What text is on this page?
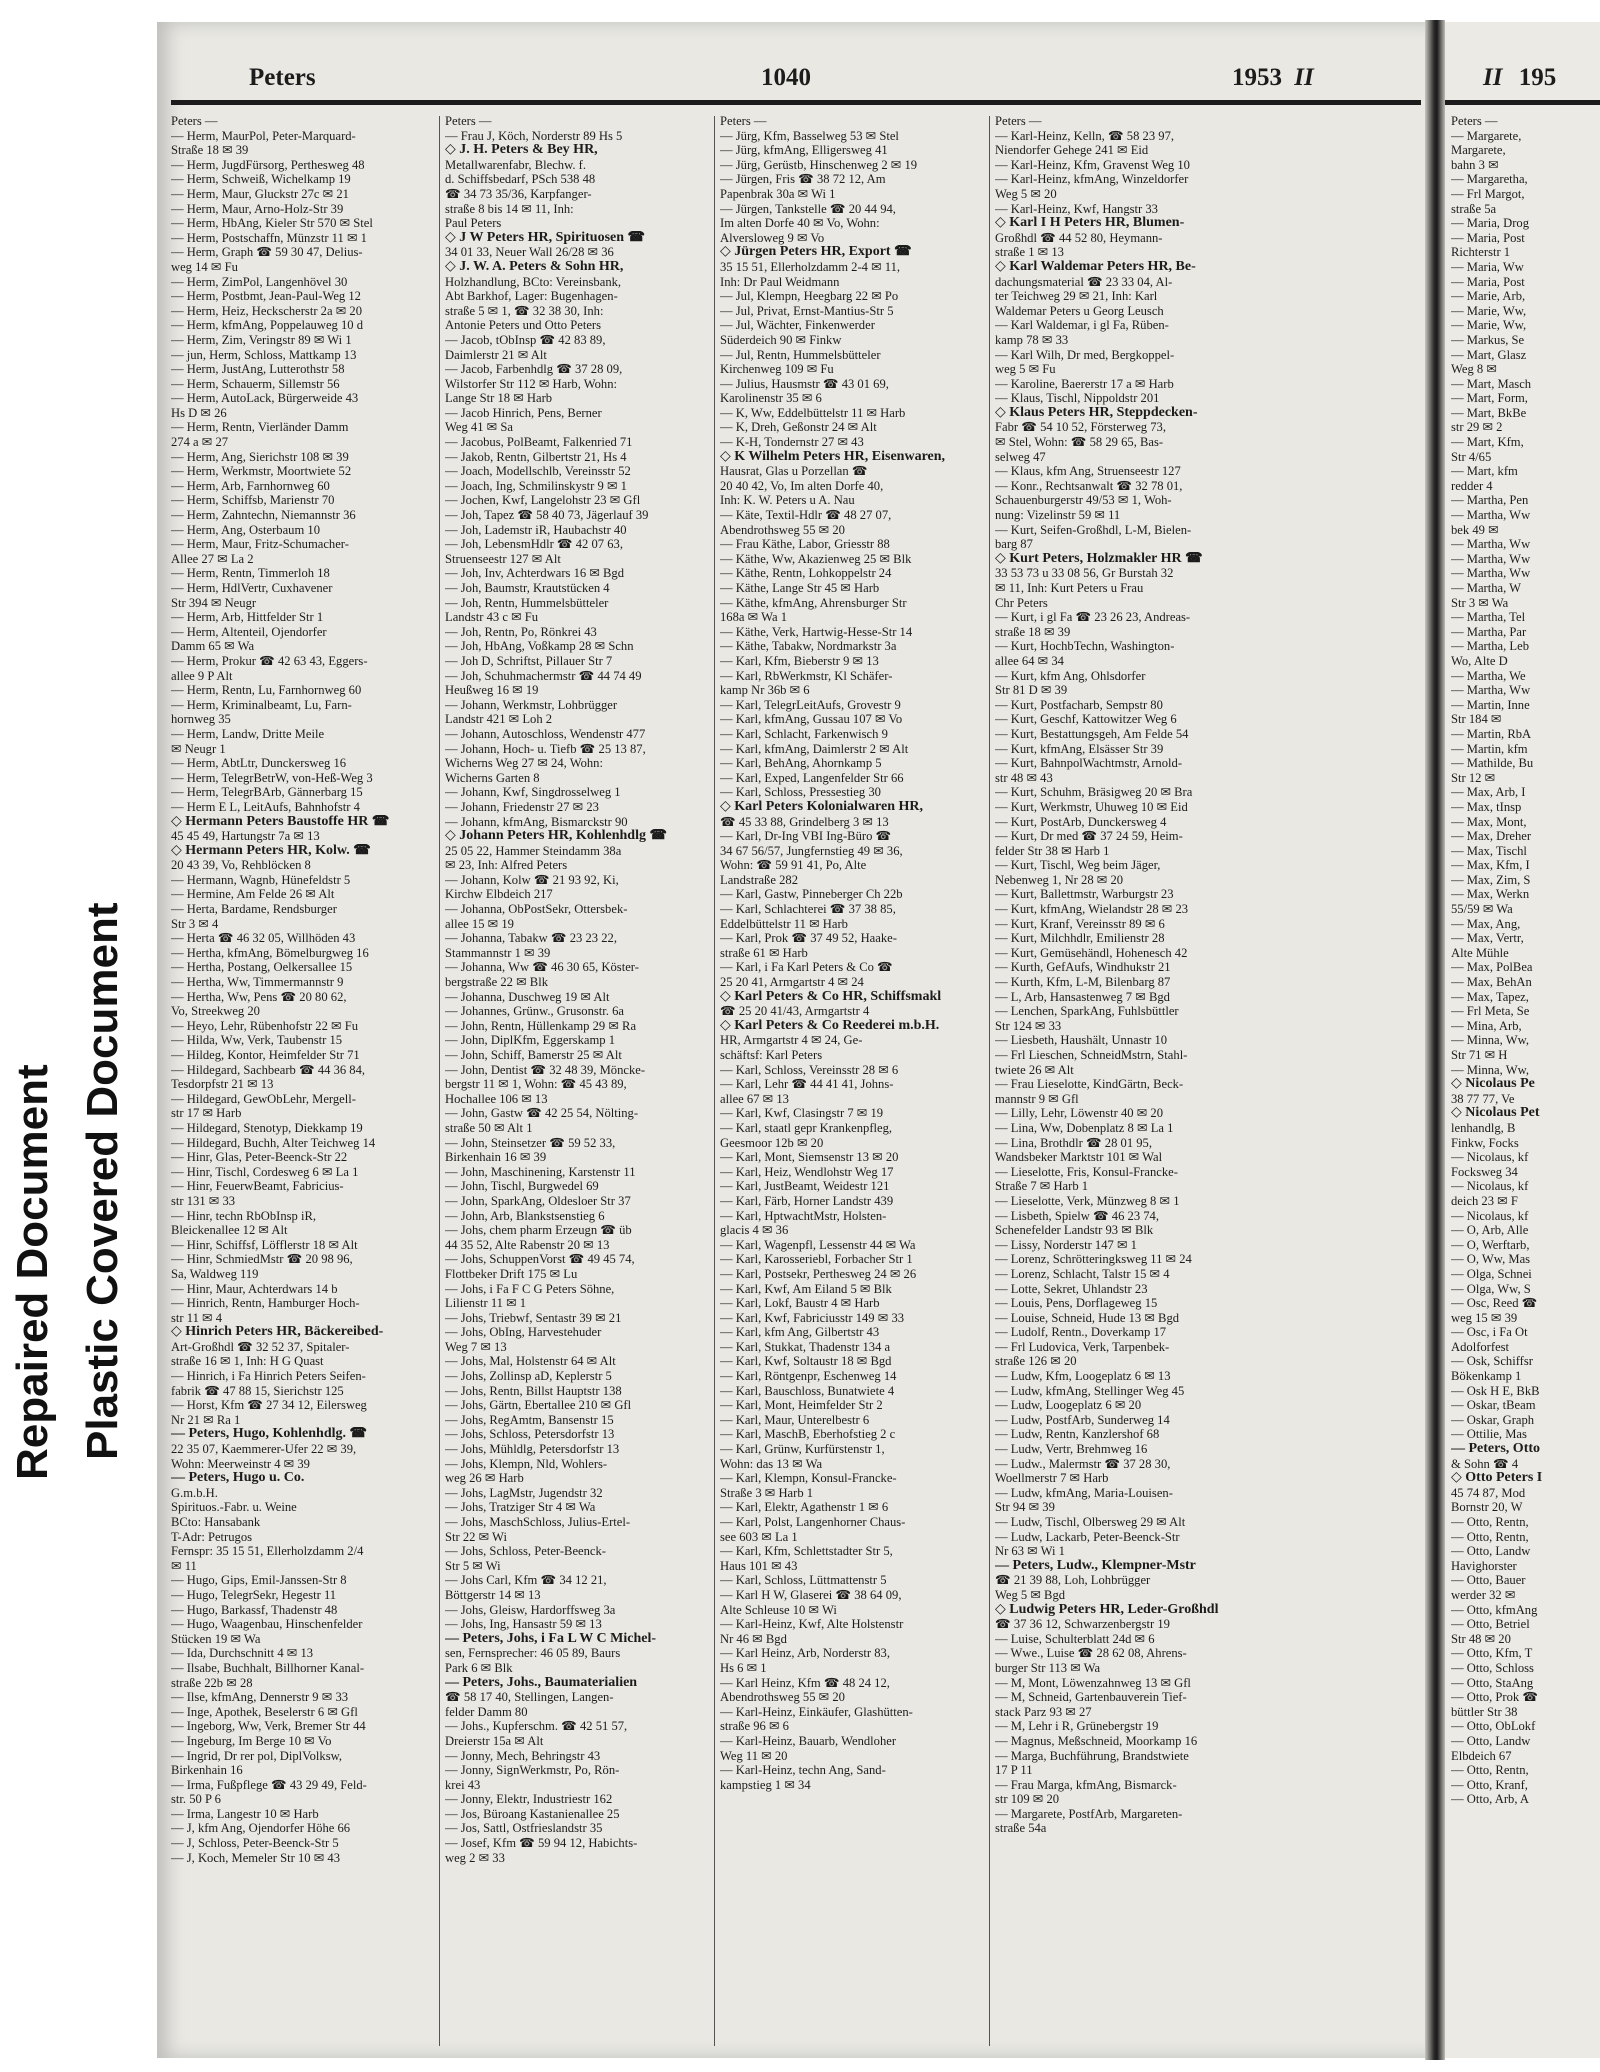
Repaired Document Plastic Covered Document
Peters	1040	1953 II
Peters —
— Herm, MaurPol, Peter-Marquard-
Straße 18 ✉ 39
— Herm, JugdFürsorg, Perthesweg 48
— Herm, Schweiß, Wichelkamp 19
— Herm, Maur, Gluckstr 27c ✉ 21
— Herm, Maur, Arno-Holz-Str 39
— Herm, HbAng, Kieler Str 570 ✉ Stel
— Herm, Postschaffn, Münzstr 11 ✉ 1
— Herm, Graph ☎ 59 30 47, Delius-
weg 14 ✉ Fu
— Herm, ZimPol, Langenhövel 30
— Herm, Postbmt, Jean-Paul-Weg 12
— Herm, Heiz, Heckscherstr 2a ✉ 20
— Herm, kfmAng, Poppelauweg 10 d
— Herm, Zim, Veringstr 89 ✉ Wi 1
— jun, Herm, Schloss, Mattkamp 13
— Herm, JustAng, Lutterothstr 58
— Herm, Schauerm, Sillemstr 56
— Herm, AutoLack, Bürgerweide 43
Hs D ✉ 26
— Herm, Rentn, Vierländer Damm
274 a ✉ 27
— Herm, Ang, Sierichstr 108 ✉ 39
— Herm, Werkmstr, Moortwiete 52
— Herm, Arb, Farnhornweg 60
— Herm, Schiffsb, Marienstr 70
— Herm, Zahntechn, Niemannstr 36
— Herm, Ang, Osterbaum 10
— Herm, Maur, Fritz-Schumacher-
Allee 27 ✉ La 2
— Herm, Rentn, Timmerloh 18
— Herm, HdlVertr, Cuxhavener
Str 394 ✉ Neugr
— Herm, Arb, Hittfelder Str 1
— Herm, Altenteil, Ojendorfer
Damm 65 ✉ Wa
— Herm, Prokur ☎ 42 63 43, Eggers-
allee 9 P Alt
— Herm, Rentn, Lu, Farnhornweg 60
— Herm, Kriminalbeamt, Lu, Farn-
hornweg 35
— Herm, Landw, Dritte Meile
✉ Neugr 1
— Herm, AbtLtr, Dunckersweg 16
— Herm, TelegrBetrW, von-Heß-Weg 3
— Herm, TelegrBArb, Gännerbarg 15
— Herm E L, LeitAufs, Bahnhofstr 4
◇ Hermann Peters Baustoffe HR ☎
45 45 49, Hartungstr 7a ✉ 13
◇ Hermann Peters HR, Kolw. ☎
20 43 39, Vo, Rehblöcken 8
— Hermann, Wagnb, Hünefeldstr 5
— Hermine, Am Felde 26 ✉ Alt
— Herta, Bardame, Rendsburger
Str 3 ✉ 4
— Herta ☎ 46 32 05, Willhöden 43
— Hertha, kfmAng, Bömelburgweg 16
— Hertha, Postang, Oelkersallee 15
— Hertha, Ww, Timmermannstr 9
— Hertha, Ww, Pens ☎ 20 80 62,
Vo, Streekweg 20
— Heyo, Lehr, Rübenhofstr 22 ✉ Fu
— Hilda, Ww, Verk, Taubenstr 15
— Hildeg, Kontor, Heimfelder Str 71
— Hildegard, Sachbearb ☎ 44 36 84,
Tesdorpfstr 21 ✉ 13
— Hildegard, GewObLehr, Mergell-
str 17 ✉ Harb
— Hildegard, Stenotyp, Diekkamp 19
— Hildegard, Buchh, Alter Teichweg 14
— Hinr, Glas, Peter-Beenck-Str 22
— Hinr, Tischl, Cordesweg 6 ✉ La 1
— Hinr, FeuerwBeamt, Fabricius-
str 131 ✉ 33
— Hinr, techn RbObInsp iR,
Bleickenallee 12 ✉ Alt
— Hinr, Schiffsf, Löfflerstr 18 ✉ Alt
— Hinr, SchmiedMstr ☎ 20 98 96,
Sa, Waldweg 119
— Hinr, Maur, Achterdwars 14 b
— Hinrich, Rentn, Hamburger Hoch-
str 11 ✉ 4
◇ Hinrich Peters HR, Bäckereibed-
Art-Großhdl ☎ 32 52 37, Spitaler-
straße 16 ✉ 1, Inh: H G Quast
— Hinrich, i Fa Hinrich Peters Seifen-
fabrik ☎ 47 88 15, Sierichstr 125
— Horst, Kfm ☎ 27 34 12, Eilersweg
Nr 21 ✉ Ra 1
— Peters, Hugo, Kohlenhdlg. ☎
22 35 07, Kaemmerer-Ufer 22 ✉ 39,
Wohn: Meerweinstr 4 ✉ 39
— Peters, Hugo u. Co.
G.m.b.H.
Spirituos.-Fabr. u. Weine
BCto: Hansabank
T-Adr: Petrugos
Fernspr: 35 15 51, Ellerholzdamm 2/4
✉ 11
— Hugo, Gips, Emil-Janssen-Str 8
— Hugo, TelegrSekr, Hegestr 11
— Hugo, Barkassf, Thadenstr 48
— Hugo, Waagenbau, Hinschenfelder
Stücken 19 ✉ Wa
— Ida, Durchschnitt 4 ✉ 13
— Ilsabe, Buchhalt, Billhorner Kanal-
straße 22b ✉ 28
— Ilse, kfmAng, Dennerstr 9 ✉ 33
— Inge, Apothek, Beselerstr 6 ✉ Gfl
— Ingeborg, Ww, Verk, Bremer Str 44
— Ingeburg, Im Berge 10 ✉ Vo
— Ingrid, Dr rer pol, DiplVolksw,
Birkenhain 16
— Irma, Fußpflege ☎ 43 29 49, Feld-
str. 50 P 6
— Irma, Langestr 10 ✉ Harb
— J, kfm Ang, Ojendorfer Höhe 66
— J, Schloss, Peter-Beenck-Str 5
— J, Koch, Memeler Str 10 ✉ 43
Peters —
— Frau J, Köch, Norderstr 89 Hs 5
◇ J. H. Peters & Bey HR,
Metallwarenfabr, Blechw. f.
d. Schiffsbedarf, PSch 538 48
☎ 34 73 35/36, Karpfanger-
straße 8 bis 14 ✉ 11, Inh:
Paul Peters
◇ J W Peters HR, Spirituosen ☎
34 01 33, Neuer Wall 26/28 ✉ 36
◇ J. W. A. Peters & Sohn HR,
Holzhandlung, BCto: Vereinsbank,
Abt Barkhof, Lager: Bugenhagen-
straße 5 ✉ 1, ☎ 32 38 30, Inh:
Antonie Peters und Otto Peters
— Jacob, tObInsp ☎ 42 83 89,
Daimlerstr 21 ✉ Alt
— Jacob, Farbenhdlg ☎ 37 28 09,
Wilstorfer Str 112 ✉ Harb, Wohn:
Lange Str 18 ✉ Harb
— Jacob Hinrich, Pens, Berner
Weg 41 ✉ Sa
— Jacobus, PolBeamt, Falkenried 71
— Jakob, Rentn, Gilbertstr 21, Hs 4
— Joach, Modellschlb, Vereinsstr 52
— Joach, Ing, Schmilinskystr 9 ✉ 1
— Jochen, Kwf, Langelohstr 23 ✉ Gfl
— Joh, Tapez ☎ 58 40 73, Jägerlauf 39
— Joh, Lademstr iR, Haubachstr 40
— Joh, LebensmHdlr ☎ 42 07 63,
Struenseestr 127 ✉ Alt
— Joh, Inv, Achterdwars 16 ✉ Bgd
— Joh, Baumstr, Krautstücken 4
— Joh, Rentn, Hummelsbütteler
Landstr 43 c ✉ Fu
— Joh, Rentn, Po, Rönkrei 43
— Joh, HbAng, Voßkamp 28 ✉ Schn
— Joh D, Schriftst, Pillauer Str 7
— Joh, Schuhmachermstr ☎ 44 74 49
Heußweg 16 ✉ 19
— Johann, Werkmstr, Lohbrügger
Landstr 421 ✉ Loh 2
— Johann, Autoschloss, Wendenstr 477
— Johann, Hoch- u. Tiefb ☎ 25 13 87,
Wicherns Weg 27 ✉ 24, Wohn:
Wicherns Garten 8
— Johann, Kwf, Singdrosselweg 1
— Johann, Friedenstr 27 ✉ 23
— Johann, kfmAng, Bismarckstr 90
◇ Johann Peters HR, Kohlenhdlg ☎
25 05 22, Hammer Steindamm 38a
✉ 23, Inh: Alfred Peters
— Johann, Kolw ☎ 21 93 92, Ki,
Kirchw Elbdeich 217
— Johanna, ObPostSekr, Ottersbek-
allee 15 ✉ 19
— Johanna, Tabakw ☎ 23 23 22,
Stammannstr 1 ✉ 39
— Johanna, Ww ☎ 46 30 65, Köster-
bergstraße 22 ✉ Blk
— Johanna, Duschweg 19 ✉ Alt
— Johannes, Grünw., Grusonstr. 6a
— John, Rentn, Hüllenkamp 29 ✉ Ra
— John, DiplKfm, Eggerskamp 1
— John, Schiff, Bamerstr 25 ✉ Alt
— John, Dentist ☎ 32 48 39, Möncke-
bergstr 11 ✉ 1, Wohn: ☎ 45 43 89,
Hochallee 106 ✉ 13
— John, Gastw ☎ 42 25 54, Nölting-
straße 50 ✉ Alt 1
— John, Steinsetzer ☎ 59 52 33,
Birkenhain 16 ✉ 39
— John, Maschinening, Karstenstr 11
— John, Tischl, Burgwedel 69
— John, SparkAng, Oldesloer Str 37
— John, Arb, Blankstsenstieg 6
— Johs, chem pharm Erzeugn ☎ üb
44 35 52, Alte Rabenstr 20 ✉ 13
— Johs, SchuppenVorst ☎ 49 45 74,
Flottbeker Drift 175 ✉ Lu
— Johs, i Fa F C G Peters Söhne,
Lilienstr 11 ✉ 1
— Johs, Triebwf, Sentastr 39 ✉ 21
— Johs, ObIng, Harvestehuder
Weg 7 ✉ 13
— Johs, Mal, Holstenstr 64 ✉ Alt
— Johs, Zollinsp aD, Keplerstr 5
— Johs, Rentn, Billst Hauptstr 138
— Johs, Gärtn, Ebertallee 210 ✉ Gfl
— Johs, RegAmtm, Bansenstr 15
— Johs, Schloss, Petersdorfstr 13
— Johs, Mühldlg, Petersdorfstr 13
— Johs, Klempn, Nld, Wohlers-
weg 26 ✉ Harb
— Johs, LagMstr, Jugendstr 32
— Johs, Tratziger Str 4 ✉ Wa
— Johs, MaschSchloss, Julius-Ertel-
Str 22 ✉ Wi
— Johs, Schloss, Peter-Beenck-
Str 5 ✉ Wi
— Johs Carl, Kfm ☎ 34 12 21,
Böttgerstr 14 ✉ 13
— Johs, Gleisw, Hardorffsweg 3a
— Johs, Ing, Hansastr 59 ✉ 13
— Peters, Johs, i Fa L W C Michel-
sen, Fernsprecher: 46 05 89, Baurs
Park 6 ✉ Blk
— Peters, Johs., Baumaterialien
☎ 58 17 40, Stellingen, Langen-
felder Damm 80
— Johs., Kupferschm. ☎ 42 51 57,
Dreierstr 15a ✉ Alt
— Jonny, Mech, Behringstr 43
— Jonny, SignWerkmstr, Po, Rön-
krei 43
— Jonny, Elektr, Industriestr 162
— Jos, Büroang Kastanienallee 25
— Jos, Sattl, Ostfrieslandstr 35
— Josef, Kfm ☎ 59 94 12, Habichts-
weg 2 ✉ 33
Peters —
— Jürg, Kfm, Basselweg 53 ✉ Stel
— Jürg, kfmAng, Elligersweg 41
— Jürg, Gerüstb, Hinschenweg 2 ✉ 19
— Jürgen, Fris ☎ 38 72 12, Am
Papenbrak 30a ✉ Wi 1
— Jürgen, Tankstelle ☎ 20 44 94,
Im alten Dorfe 40 ✉ Vo, Wohn:
Alversloweg 9 ✉ Vo
◇ Jürgen Peters HR, Export ☎
35 15 51, Ellerholzdamm 2-4 ✉ 11,
Inh: Dr Paul Weidmann
— Jul, Klempn, Heegbarg 22 ✉ Po
— Jul, Privat, Ernst-Mantius-Str 5
— Jul, Wächter, Finkenwerder
Süderdeich 90 ✉ Finkw
— Jul, Rentn, Hummelsbütteler
Kirchenweg 109 ✉ Fu
— Julius, Hausmstr ☎ 43 01 69,
Karolinenstr 35 ✉ 6
— K, Ww, Eddelbüttelstr 11 ✉ Harb
— K, Dreh, Geßonstr 24 ✉ Alt
— K-H, Tondernstr 27 ✉ 43
◇ K Wilhelm Peters HR, Eisenwaren,
Hausrat, Glas u Porzellan ☎
20 40 42, Vo, Im alten Dorfe 40,
Inh: K. W. Peters u A. Nau
— Käte, Textil-Hdlr ☎ 48 27 07,
Abendrothsweg 55 ✉ 20
— Frau Käthe, Labor, Griesstr 88
— Käthe, Ww, Akazienweg 25 ✉ Blk
— Käthe, Rentn, Lohkoppelstr 24
— Käthe, Lange Str 45 ✉ Harb
— Käthe, kfmAng, Ahrensburger Str
168a ✉ Wa 1
— Käthe, Verk, Hartwig-Hesse-Str 14
— Käthe, Tabakw, Nordmarkstr 3a
— Karl, Kfm, Bieberstr 9 ✉ 13
— Karl, RbWerkmstr, Kl Schäfer-
kamp Nr 36b ✉ 6
— Karl, TelegrLeitAufs, Grovestr 9
— Karl, kfmAng, Gussau 107 ✉ Vo
— Karl, Schlacht, Farkenwisch 9
— Karl, kfmAng, Daimlerstr 2 ✉ Alt
— Karl, BehAng, Ahornkamp 5
— Karl, Exped, Langenfelder Str 66
— Karl, Schloss, Pressestieg 30
◇ Karl Peters Kolonialwaren HR,
☎ 45 33 88, Grindelberg 3 ✉ 13
— Karl, Dr-Ing VBI Ing-Büro ☎
34 67 56/57, Jungfernstieg 49 ✉ 36,
Wohn: ☎ 59 91 41, Po, Alte
Landstraße 282
— Karl, Gastw, Pinneberger Ch 22b
— Karl, Schlachterei ☎ 37 38 85,
Eddelbüttelstr 11 ✉ Harb
— Karl, Prok ☎ 37 49 52, Haake-
straße 61 ✉ Harb
— Karl, i Fa Karl Peters & Co ☎
25 20 41, Armgartstr 4 ✉ 24
◇ Karl Peters & Co HR, Schiffsmakl
☎ 25 20 41/43, Armgartstr 4
◇ Karl Peters & Co Reederei m.b.H.
HR, Armgartstr 4 ✉ 24, Ge-
schäftsf: Karl Peters
— Karl, Schloss, Vereinsstr 28 ✉ 6
— Karl, Lehr ☎ 44 41 41, Johns-
allee 67 ✉ 13
— Karl, Kwf, Clasingstr 7 ✉ 19
— Karl, staatl gepr Krankenpfleg,
Geesmoor 12b ✉ 20
— Karl, Mont, Siemsenstr 13 ✉ 20
— Karl, Heiz, Wendlohstr Weg 17
— Karl, JustBeamt, Weidestr 121
— Karl, Färb, Horner Landstr 439
— Karl, HptwachtMstr, Holsten-
glacis 4 ✉ 36
— Karl, Wagenpfl, Lessenstr 44 ✉ Wa
— Karl, Karosseriebl, Forbacher Str 1
— Karl, Postsekr, Perthesweg 24 ✉ 26
— Karl, Kwf, Am Eiland 5 ✉ Blk
— Karl, Lokf, Baustr 4 ✉ Harb
— Karl, Kwf, Fabriciusstr 149 ✉ 33
— Karl, kfm Ang, Gilbertstr 43
— Karl, Stukkat, Thadenstr 134 a
— Karl, Kwf, Soltaustr 18 ✉ Bgd
— Karl, Röntgenpr, Eschenweg 14
— Karl, Bauschloss, Bunatwiete 4
— Karl, Mont, Heimfelder Str 2
— Karl, Maur, Unterelbestr 6
— Karl, MaschB, Eberhofstieg 2 c
— Karl, Grünw, Kurfürstenstr 1,
Wohn: das 13 ✉ Wa
— Karl, Klempn, Konsul-Francke-
Straße 3 ✉ Harb 1
— Karl, Elektr, Agathenstr 1 ✉ 6
— Karl, Polst, Langenhorner Chaus-
see 603 ✉ La 1
— Karl, Kfm, Schlettstadter Str 5,
Haus 101 ✉ 43
— Karl, Schloss, Lüttmattenstr 5
— Karl H W, Glaserei ☎ 38 64 09,
Alte Schleuse 10 ✉ Wi
— Karl-Heinz, Kwf, Alte Holstenstr
Nr 46 ✉ Bgd
— Karl Heinz, Arb, Norderstr 83,
Hs 6 ✉ 1
— Karl Heinz, Kfm ☎ 48 24 12,
Abendrothsweg 55 ✉ 20
— Karl-Heinz, Einkäufer, Glashütten-
straße 96 ✉ 6
— Karl-Heinz, Bauarb, Wendloher
Weg 11 ✉ 20
— Karl-Heinz, techn Ang, Sand-
kampstieg 1 ✉ 34
Peters —
— Karl-Heinz, Kelln, ☎ 58 23 97,
Niendorfer Gehege 241 ✉ Eid
— Karl-Heinz, Kfm, Gravenst Weg 10
— Karl-Heinz, kfmAng, Winzeldorfer
Weg 5 ✉ 20
— Karl-Heinz, Kwf, Hangstr 33
◇ Karl I H Peters HR, Blumen-
Großhdl ☎ 44 52 80, Heymann-
straße 1 ✉ 13
◇ Karl Waldemar Peters HR, Be-
dachungsmaterial ☎ 23 33 04, Al-
ter Teichweg 29 ✉ 21, Inh: Karl
Waldemar Peters u Georg Leusch
— Karl Waldemar, i gl Fa, Rüben-
kamp 78 ✉ 33
— Karl Wilh, Dr med, Bergkoppel-
weg 5 ✉ Fu
— Karoline, Baererstr 17 a ✉ Harb
— Klaus, Tischl, Nippoldstr 201
◇ Klaus Peters HR, Steppdecken-
Fabr ☎ 54 10 52, Försterweg 73,
✉ Stel, Wohn: ☎ 58 29 65, Bas-
selweg 47
— Klaus, kfm Ang, Struenseestr 127
— Konr., Rechtsanwalt ☎ 32 78 01,
Schauenburgerstr 49/53 ✉ 1, Woh-
nung: Vizelinstr 59 ✉ 11
— Kurt, Seifen-Großhdl, L-M, Bielen-
barg 87
◇ Kurt Peters, Holzmakler HR ☎
33 53 73 u 33 08 56, Gr Burstah 32
✉ 11, Inh: Kurt Peters u Frau
Chr Peters
— Kurt, i gl Fa ☎ 23 26 23, Andreas-
straße 18 ✉ 39
— Kurt, HochbTechn, Washington-
allee 64 ✉ 34
— Kurt, kfm Ang, Ohlsdorfer
Str 81 D ✉ 39
— Kurt, Postfacharb, Sempstr 80
— Kurt, Geschf, Kattowitzer Weg 6
— Kurt, Bestattungsgeh, Am Felde 54
— Kurt, kfmAng, Elsässer Str 39
— Kurt, BahnpolWachtmstr, Arnold-
str 48 ✉ 43
— Kurt, Schuhm, Bräsigweg 20 ✉ Bra
— Kurt, Werkmstr, Uhuweg 10 ✉ Eid
— Kurt, PostArb, Dunckersweg 4
— Kurt, Dr med ☎ 37 24 59, Heim-
felder Str 38 ✉ Harb 1
— Kurt, Tischl, Weg beim Jäger,
Nebenweg 1, Nr 28 ✉ 20
— Kurt, Ballettmstr, Warburgstr 23
— Kurt, kfmAng, Wielandstr 28 ✉ 23
— Kurt, Kranf, Vereinsstr 89 ✉ 6
— Kurt, Milchhdlr, Emilienstr 28
— Kurt, Gemüsehändl, Hohenesch 42
— Kurth, GefAufs, Windhukstr 21
— Kurth, Kfm, L-M, Bilenbarg 87
— L, Arb, Hansastenweg 7 ✉ Bgd
— Lenchen, SparkAng, Fuhlsbüttler
Str 124 ✉ 33
— Liesbeth, Haushält, Unnastr 10
— Frl Lieschen, SchneidMstrn, Stahl-
twiete 26 ✉ Alt
— Frau Lieselotte, KindGärtn, Beck-
mannstr 9 ✉ Gfl
— Lilly, Lehr, Löwenstr 40 ✉ 20
— Lina, Ww, Dobenplatz 8 ✉ La 1
— Lina, Brothdlr ☎ 28 01 95,
Wandsbeker Marktstr 101 ✉ Wal
— Lieselotte, Fris, Konsul-Francke-
Straße 7 ✉ Harb 1
— Lieselotte, Verk, Münzweg 8 ✉ 1
— Lisbeth, Spielw ☎ 46 23 74,
Schenefelder Landstr 93 ✉ Blk
— Lissy, Norderstr 147 ✉ 1
— Lorenz, Schrötteringksweg 11 ✉ 24
— Lorenz, Schlacht, Talstr 15 ✉ 4
— Lotte, Sekret, Uhlandstr 23
— Louis, Pens, Dorflageweg 15
— Louise, Schneid, Hude 13 ✉ Bgd
— Ludolf, Rentn., Doverkamp 17
— Frl Ludovica, Verk, Tarpenbek-
straße 126 ✉ 20
— Ludw, Kfm, Loogeplatz 6 ✉ 13
— Ludw, kfmAng, Stellinger Weg 45
— Ludw, Loogeplatz 6 ✉ 20
— Ludw, PostfArb, Sunderweg 14
— Ludw, Rentn, Kanzlershof 68
— Ludw, Vertr, Brehmweg 16
— Ludw., Malermstr ☎ 37 28 30,
Woellmerstr 7 ✉ Harb
— Ludw, kfmAng, Maria-Louisen-
Str 94 ✉ 39
— Ludw, Tischl, Olbersweg 29 ✉ Alt
— Ludw, Lackarb, Peter-Beenck-Str
Nr 63 ✉ Wi 1
— Peters, Ludw., Klempner-Mstr
☎ 21 39 88, Loh, Lohbrügger
Weg 5 ✉ Bgd
◇ Ludwig Peters HR, Leder-Großhdl
☎ 37 36 12, Schwarzenbergstr 19
— Luise, Schulterblatt 24d ✉ 6
— Wwe., Luise ☎ 28 62 08, Ahrens-
burger Str 113 ✉ Wa
— M, Mont, Löwenzahnweg 13 ✉ Gfl
— M, Schneid, Gartenbauverein Tief-
stack Parz 93 ✉ 27
— M, Lehr i R, Grünebergstr 19
— Magnus, Meßschneid, Moorkamp 16
— Marga, Buchführung, Brandstwiete
17 P 11
— Frau Marga, kfmAng, Bismarck-
str 109 ✉ 20
— Margarete, PostfArb, Margareten-
straße 54a
II 195
Peters —
— Margarete,
Margarete,
bahn 3 ✉
— Margaretha,
— Frl Margot,
straße 5a
— Maria, Drog
— Maria, Post
Richterstr 1
— Maria, Ww
— Maria, Post
— Marie, Arb,
— Marie, Ww,
— Marie, Ww,
— Markus, Se
— Mart, Glasz
Weg 8 ✉
— Mart, Masch
— Mart, Form,
— Mart, BkBe
str 29 ✉ 2
— Mart, Kfm,
Str 4/65
— Mart, kfm
redder 4
— Martha, Pen
— Martha, Ww
bek 49 ✉
— Martha, Ww
— Martha, Ww
— Martha, Ww
— Martha, W
Str 3 ✉ Wa
— Martha, Tel
— Martha, Par
— Martha, Leb
Wo, Alte D
— Martha, We
— Martha, Ww
— Martin, Inne
Str 184 ✉
— Martin, RbA
— Martin, kfm
— Mathilde, Bu
Str 12 ✉
— Max, Arb, I
— Max, tInsp
— Max, Mont,
— Max, Dreher
— Max, Tischl
— Max, Kfm, I
— Max, Zim, S
— Max, Werkn
55/59 ✉ Wa
— Max, Ang,
— Max, Vertr,
Alte Mühle
— Max, PolBea
— Max, BehAn
— Max, Tapez,
— Frl Meta, Se
— Mina, Arb,
— Minna, Ww,
Str 71 ✉ H
— Minna, Ww,
◇ Nicolaus Pe
38 77 77, Ve
◇ Nicolaus Pet
lenhandlg, B
Finkw, Focks
— Nicolaus, kf
Focksweg 34
— Nicolaus, kf
deich 23 ✉ F
— Nicolaus, kf
— O, Arb, Alle
— O, Werftarb,
— O, Ww, Mas
— Olga, Schnei
— Olga, Ww, S
— Osc, Reed ☎
weg 15 ✉ 39
— Osc, i Fa Ot
Adolforfest
— Osk, Schiffsr
Bökenkamp 1
— Osk H E, BkB
— Oskar, tBeam
— Oskar, Graph
— Ottilie, Mas
— Peters, Otto
& Sohn ☎ 4
◇ Otto Peters I
45 74 87, Mod
Bornstr 20, W
— Otto, Rentn,
— Otto, Rentn,
— Otto, Landw
Havighorster
— Otto, Bauer
werder 32 ✉
— Otto, kfmAng
— Otto, Betriel
Str 48 ✉ 20
— Otto, Kfm, T
— Otto, Schloss
— Otto, StaAng
— Otto, Prok ☎
büttler Str 38
— Otto, ObLokf
— Otto, Landw
Elbdeich 67
— Otto, Rentn,
— Otto, Kranf,
— Otto, Arb, A
